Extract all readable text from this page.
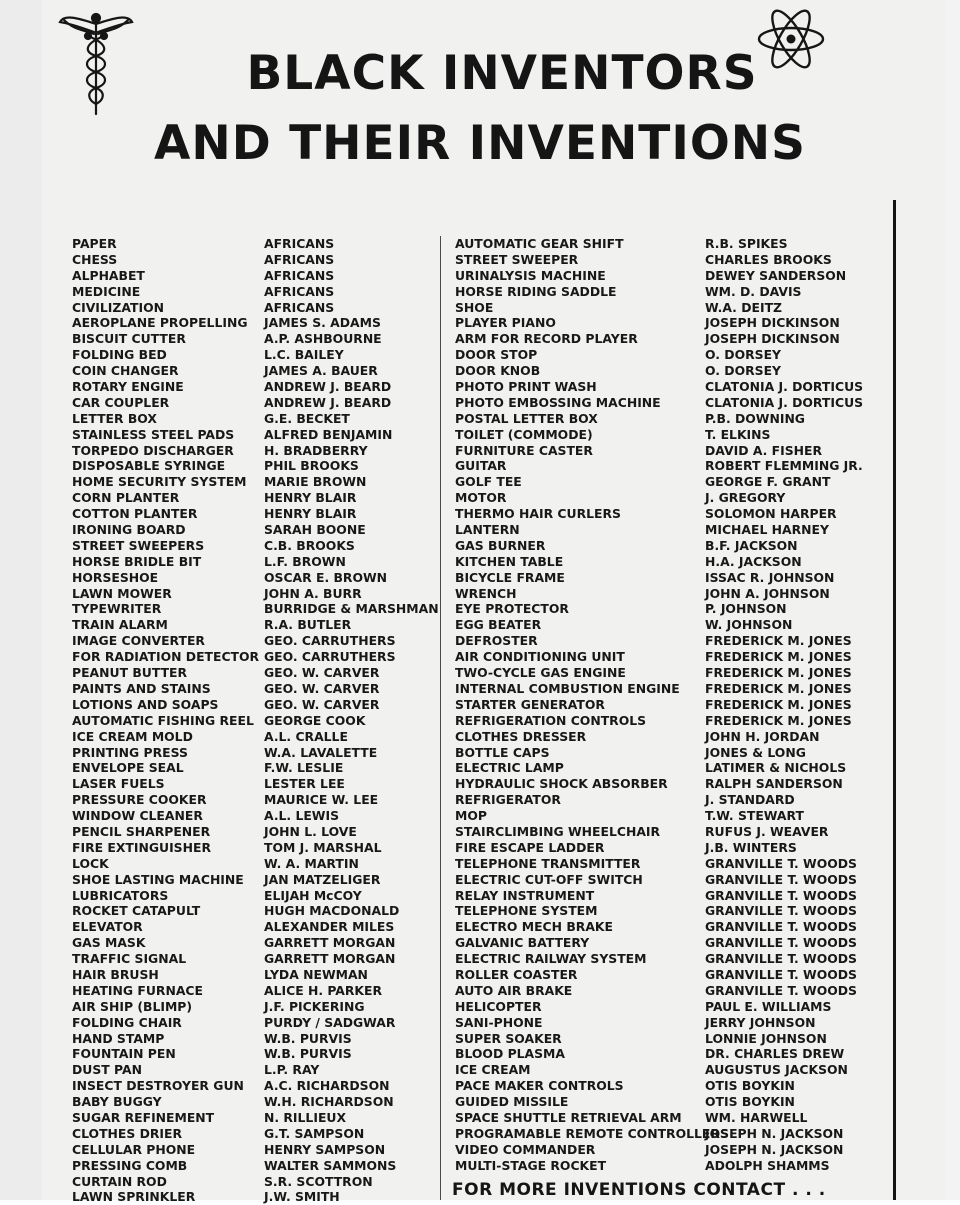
BLACK INVENTORS
AND THEIR INVENTIONS
PAPER
CHESS
ALPHABET
MEDICINE
CIVILIZATION
AEROPLANE PROPELLING
BISCUIT CUTTER
FOLDING BED
COIN CHANGER
ROTARY ENGINE
CAR COUPLER
LETTER BOX
STAINLESS STEEL PADS
TORPEDO DISCHARGER
DISPOSABLE SYRINGE
HOME SECURITY SYSTEM
CORN PLANTER
COTTON PLANTER
IRONING BOARD
STREET SWEEPERS
HORSE BRIDLE BIT
HORSESHOE
LAWN MOWER
TYPEWRITER
TRAIN ALARM
IMAGE CONVERTER
FOR RADIATION DETECTOR
PEANUT BUTTER
PAINTS AND STAINS
LOTIONS AND SOAPS
AUTOMATIC FISHING REEL
ICE CREAM MOLD
PRINTING PRESS
ENVELOPE SEAL
LASER FUELS
PRESSURE COOKER
WINDOW CLEANER
PENCIL SHARPENER
FIRE EXTINGUISHER
LOCK
SHOE LASTING MACHINE
LUBRICATORS
ROCKET CATAPULT
ELEVATOR
GAS MASK
TRAFFIC SIGNAL
HAIR BRUSH
HEATING FURNACE
AIR SHIP (BLIMP)
FOLDING CHAIR
HAND STAMP
FOUNTAIN PEN
DUST PAN
INSECT DESTROYER GUN
BABY BUGGY
SUGAR REFINEMENT
CLOTHES DRIER
CELLULAR PHONE
PRESSING COMB
CURTAIN ROD
LAWN SPRINKLER
AFRICANS
AFRICANS
AFRICANS
AFRICANS
AFRICANS
JAMES S. ADAMS
A.P. ASHBOURNE
L.C. BAILEY
JAMES A. BAUER
ANDREW J. BEARD
ANDREW J. BEARD
G.E. BECKET
ALFRED BENJAMIN
H. BRADBERRY
PHIL BROOKS
MARIE BROWN
HENRY BLAIR
HENRY BLAIR
SARAH BOONE
C.B. BROOKS
L.F. BROWN
OSCAR E. BROWN
JOHN A. BURR
BURRIDGE & MARSHMAN
R.A. BUTLER
GEO. CARRUTHERS
GEO. CARRUTHERS
GEO. W. CARVER
GEO. W. CARVER
GEO. W. CARVER
GEORGE COOK
A.L. CRALLE
W.A. LAVALETTE
F.W. LESLIE
LESTER LEE
MAURICE W. LEE
A.L. LEWIS
JOHN L. LOVE
TOM J. MARSHAL
W. A. MARTIN
JAN MATZELIGER
ELIJAH McCOY
HUGH MACDONALD
ALEXANDER MILES
GARRETT MORGAN
GARRETT MORGAN
LYDA NEWMAN
ALICE H. PARKER
J.F. PICKERING
PURDY / SADGWAR
W.B. PURVIS
W.B. PURVIS
L.P. RAY
A.C. RICHARDSON
W.H. RICHARDSON
N. RILLIEUX
G.T. SAMPSON
HENRY SAMPSON
WALTER SAMMONS
S.R. SCOTTRON
J.W. SMITH
AUTOMATIC GEAR SHIFT
STREET SWEEPER
URINALYSIS MACHINE
HORSE RIDING SADDLE
SHOE
PLAYER PIANO
ARM FOR RECORD PLAYER
DOOR STOP
DOOR KNOB
PHOTO PRINT WASH
PHOTO EMBOSSING MACHINE
POSTAL LETTER BOX
TOILET (COMMODE)
FURNITURE CASTER
GUITAR
GOLF TEE
MOTOR
THERMO HAIR CURLERS
LANTERN
GAS BURNER
KITCHEN TABLE
BICYCLE FRAME
WRENCH
EYE PROTECTOR
EGG BEATER
DEFROSTER
AIR CONDITIONING UNIT
TWO-CYCLE GAS ENGINE
INTERNAL COMBUSTION ENGINE
STARTER GENERATOR
REFRIGERATION CONTROLS
CLOTHES DRESSER
BOTTLE CAPS
ELECTRIC LAMP
HYDRAULIC SHOCK ABSORBER
REFRIGERATOR
MOP
STAIRCLIMBING WHEELCHAIR
FIRE ESCAPE LADDER
TELEPHONE TRANSMITTER
ELECTRIC CUT-OFF SWITCH
RELAY INSTRUMENT
TELEPHONE SYSTEM
ELECTRO MECH BRAKE
GALVANIC BATTERY
ELECTRIC RAILWAY SYSTEM
ROLLER COASTER
AUTO AIR BRAKE
HELICOPTER
SANI-PHONE
SUPER SOAKER
BLOOD PLASMA
ICE CREAM
PACE MAKER CONTROLS
GUIDED MISSILE
SPACE SHUTTLE RETRIEVAL ARM
PROGRAMABLE REMOTE CONTROLLERS
VIDEO COMMANDER
MULTI-STAGE ROCKET
R.B. SPIKES
CHARLES BROOKS
DEWEY SANDERSON
WM. D. DAVIS
W.A. DEITZ
JOSEPH DICKINSON
JOSEPH DICKINSON
O. DORSEY
O. DORSEY
CLATONIA J. DORTICUS
CLATONIA J. DORTICUS
P.B. DOWNING
T. ELKINS
DAVID A. FISHER
ROBERT FLEMMING JR.
GEORGE F. GRANT
J. GREGORY
SOLOMON HARPER
MICHAEL HARNEY
B.F. JACKSON
H.A. JACKSON
ISSAC R. JOHNSON
JOHN A. JOHNSON
P. JOHNSON
W. JOHNSON
FREDERICK M. JONES
FREDERICK M. JONES
FREDERICK M. JONES
FREDERICK M. JONES
FREDERICK M. JONES
FREDERICK M. JONES
JOHN H. JORDAN
JONES & LONG
LATIMER & NICHOLS
RALPH SANDERSON
J. STANDARD
T.W. STEWART
RUFUS J. WEAVER
J.B. WINTERS
GRANVILLE T. WOODS
GRANVILLE T. WOODS
GRANVILLE T. WOODS
GRANVILLE T. WOODS
GRANVILLE T. WOODS
GRANVILLE T. WOODS
GRANVILLE T. WOODS
GRANVILLE T. WOODS
GRANVILLE T. WOODS
PAUL E. WILLIAMS
JERRY JOHNSON
LONNIE JOHNSON
DR. CHARLES DREW
AUGUSTUS JACKSON
OTIS BOYKIN
OTIS BOYKIN
WM. HARWELL
JOSEPH N. JACKSON
JOSEPH N. JACKSON
ADOLPH SHAMMS
FOR MORE INVENTIONS CONTACT . . .
